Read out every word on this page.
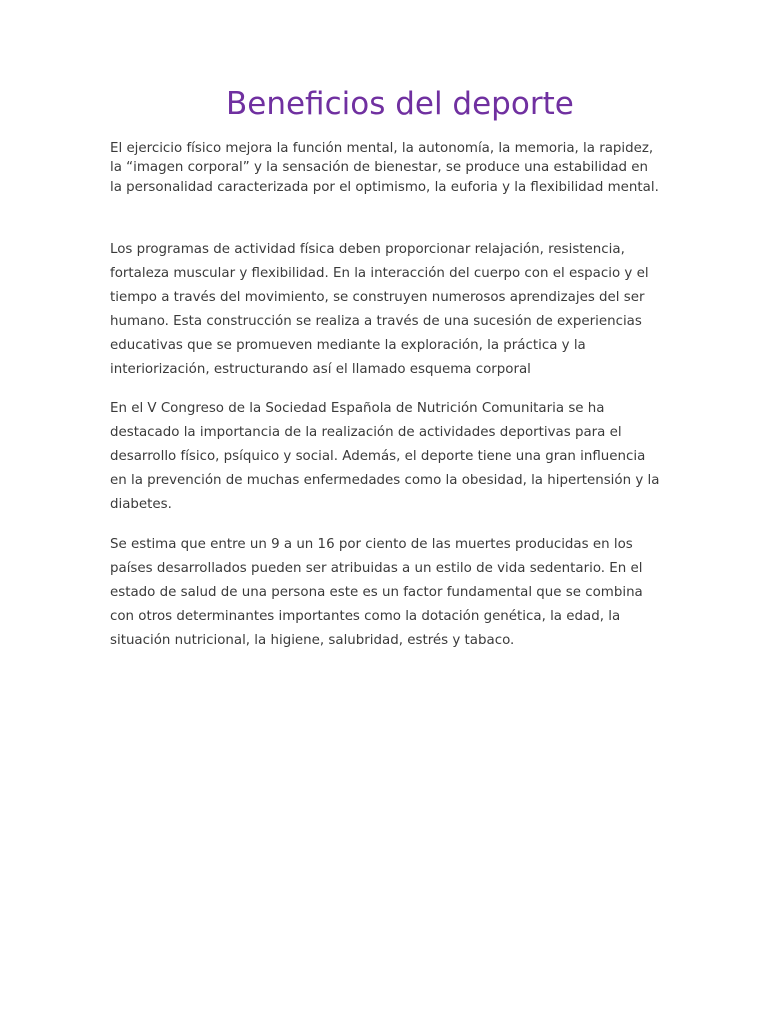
Beneficios del deporte

El ejercicio físico mejora la función mental, la autonomía, la memoria, la rapidez, la “imagen corporal” y la sensación de bienestar, se produce una estabilidad en la personalidad caracterizada por el optimismo, la euforia y la flexibilidad mental.

Los programas de actividad física deben proporcionar relajación, resistencia, fortaleza muscular y flexibilidad. En la interacción del cuerpo con el espacio y el tiempo a través del movimiento, se construyen numerosos aprendizajes del ser humano. Esta construcción se realiza a través de una sucesión de experiencias educativas que se promueven mediante la exploración, la práctica y la interiorización, estructurando así el llamado esquema corporal

En el V Congreso de la Sociedad Española de Nutrición Comunitaria se ha destacado la importancia de la realización de actividades deportivas para el desarrollo físico, psíquico y social. Además, el deporte tiene una gran influencia en la prevención de muchas enfermedades como la obesidad, la hipertensión y la diabetes.

Se estima que entre un 9 a un 16 por ciento de las muertes producidas en los países desarrollados pueden ser atribuidas a un estilo de vida sedentario. En el estado de salud de una persona este es un factor fundamental que se combina con otros determinantes importantes como la dotación genética, la edad, la situación nutricional, la higiene, salubridad, estrés y tabaco.
